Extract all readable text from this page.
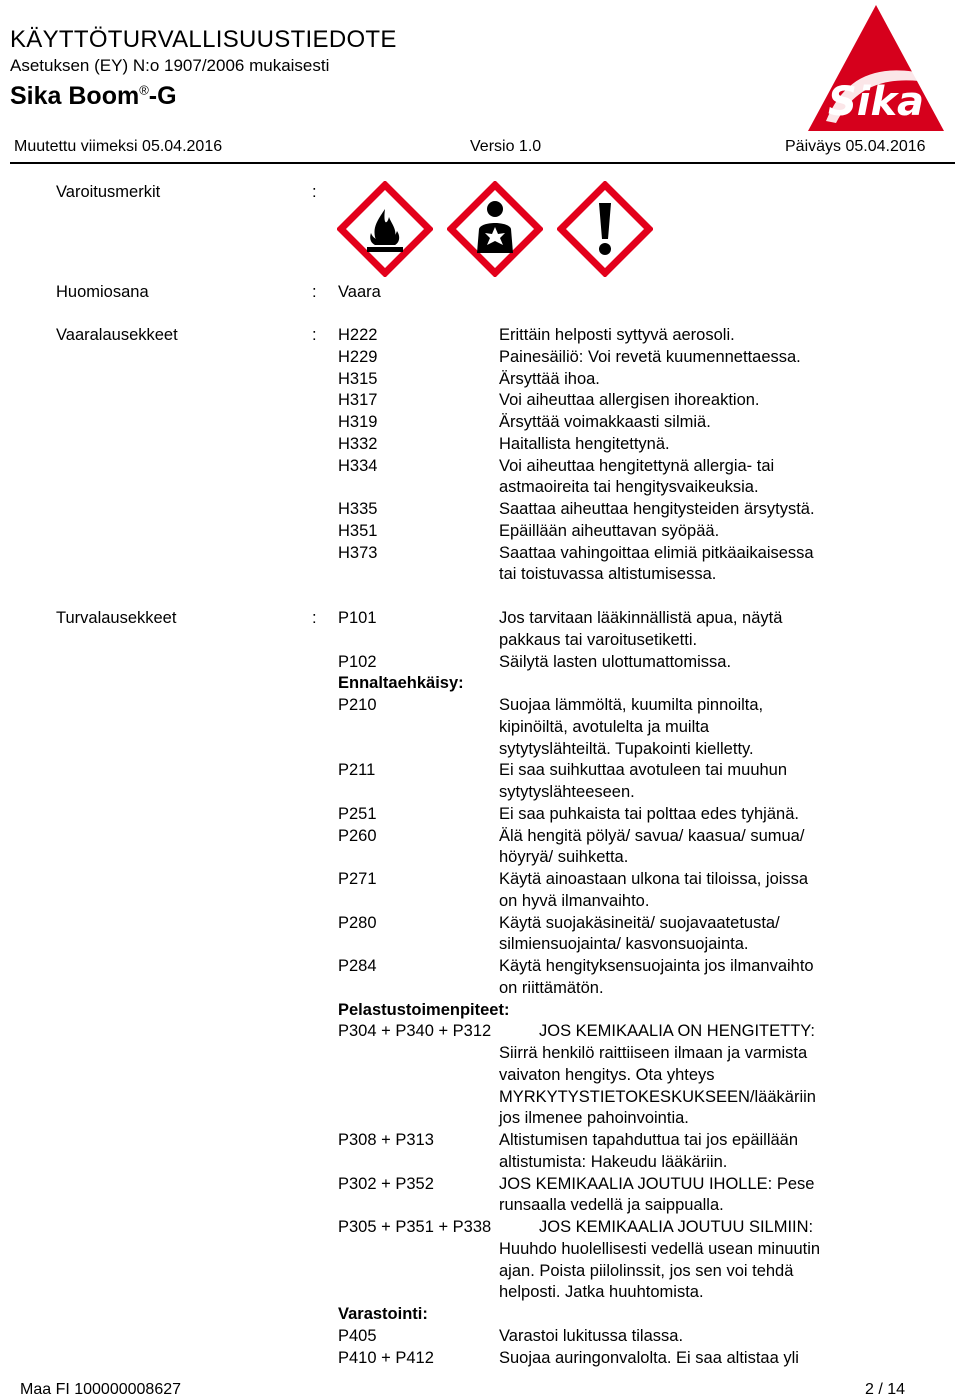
KÄYTTÖTURVALLISUUSTIEDOTE
Asetuksen (EY) N:o 1907/2006 mukaisesti
Sika Boom®-G	Sika
Muutettu viimeksi 05.04.2016	Versio 1.0	Päiväys 05.04.2016
Varoitusmerkit	:
Huomiosana	: Vaara
Vaaralausekkeet	: H222	Erittäin helposti syttyvä aerosoli.
H229	Painesäiliö: Voi revetä kuumennettaessa.
H315	Ärsyttää ihoa.
H317	Voi aiheuttaa allergisen ihoreaktion.
H319	Ärsyttää voimakkaasti silmiä.
H332	Haitallista hengitettynä.
H334	Voi aiheuttaa hengitettynä allergia- tai
astmaoireita tai hengitysvaikeuksia.
H335	Saattaa aiheuttaa hengitysteiden ärsytystä.
H351	Epäillään aiheuttavan syöpää.
H373	Saattaa vahingoittaa elimiä pitkäaikaisessa
tai toistuvassa altistumisessa.
Turvalausekkeet	: P101	Jos tarvitaan lääkinnällistä apua, näytä
pakkaus tai varoitusetiketti.
P102	Säilytä lasten ulottumattomissa.
Ennaltaehkäisy:
P210	Suojaa lämmöltä, kuumilta pinnoilta,
kipinöiltä, avotulelta ja muilta
sytytyslähteiltä. Tupakointi kielletty.
P211	Ei saa suihkuttaa avotuleen tai muuhun
sytytyslähteeseen.
P251	Ei saa puhkaista tai polttaa edes tyhjänä.
P260	Älä hengitä pölyä/ savua/ kaasua/ sumua/
höyryä/ suihketta.
P271	Käytä ainoastaan ulkona tai tiloissa, joissa
on hyvä ilmanvaihto.
P280	Käytä suojakäsineitä/ suojavaatetusta/
silmiensuojainta/ kasvonsuojainta.
P284	Käytä hengityksensuojainta jos ilmanvaihto
on riittämätön.
Pelastustoimenpiteet:
P304 + P340 + P312	JOS KEMIKAALIA ON HENGITETTY:
Siirrä henkilö raittiiseen ilmaan ja varmista
vaivaton hengitys. Ota yhteys
MYRKYTYSTIETOKESKUKSEEN/lääkäriin
jos ilmenee pahoinvointia.
P308 + P313	Altistumisen tapahduttua tai jos epäillään
altistumista: Hakeudu lääkäriin.
P302 + P352	JOS KEMIKAALIA JOUTUU IHOLLE: Pese
runsaalla vedellä ja saippualla.
P305 + P351 + P338	JOS KEMIKAALIA JOUTUU SILMIIN:
Huuhdo huolellisesti vedellä usean minuutin
ajan. Poista piilolinssit, jos sen voi tehdä
helposti. Jatka huuhtomista.
Varastointi:
P405	Varastoi lukitussa tilassa.
P410 + P412	Suojaa auringonvalolta. Ei saa altistaa yli
Maa FI 100000008627	2 / 14
